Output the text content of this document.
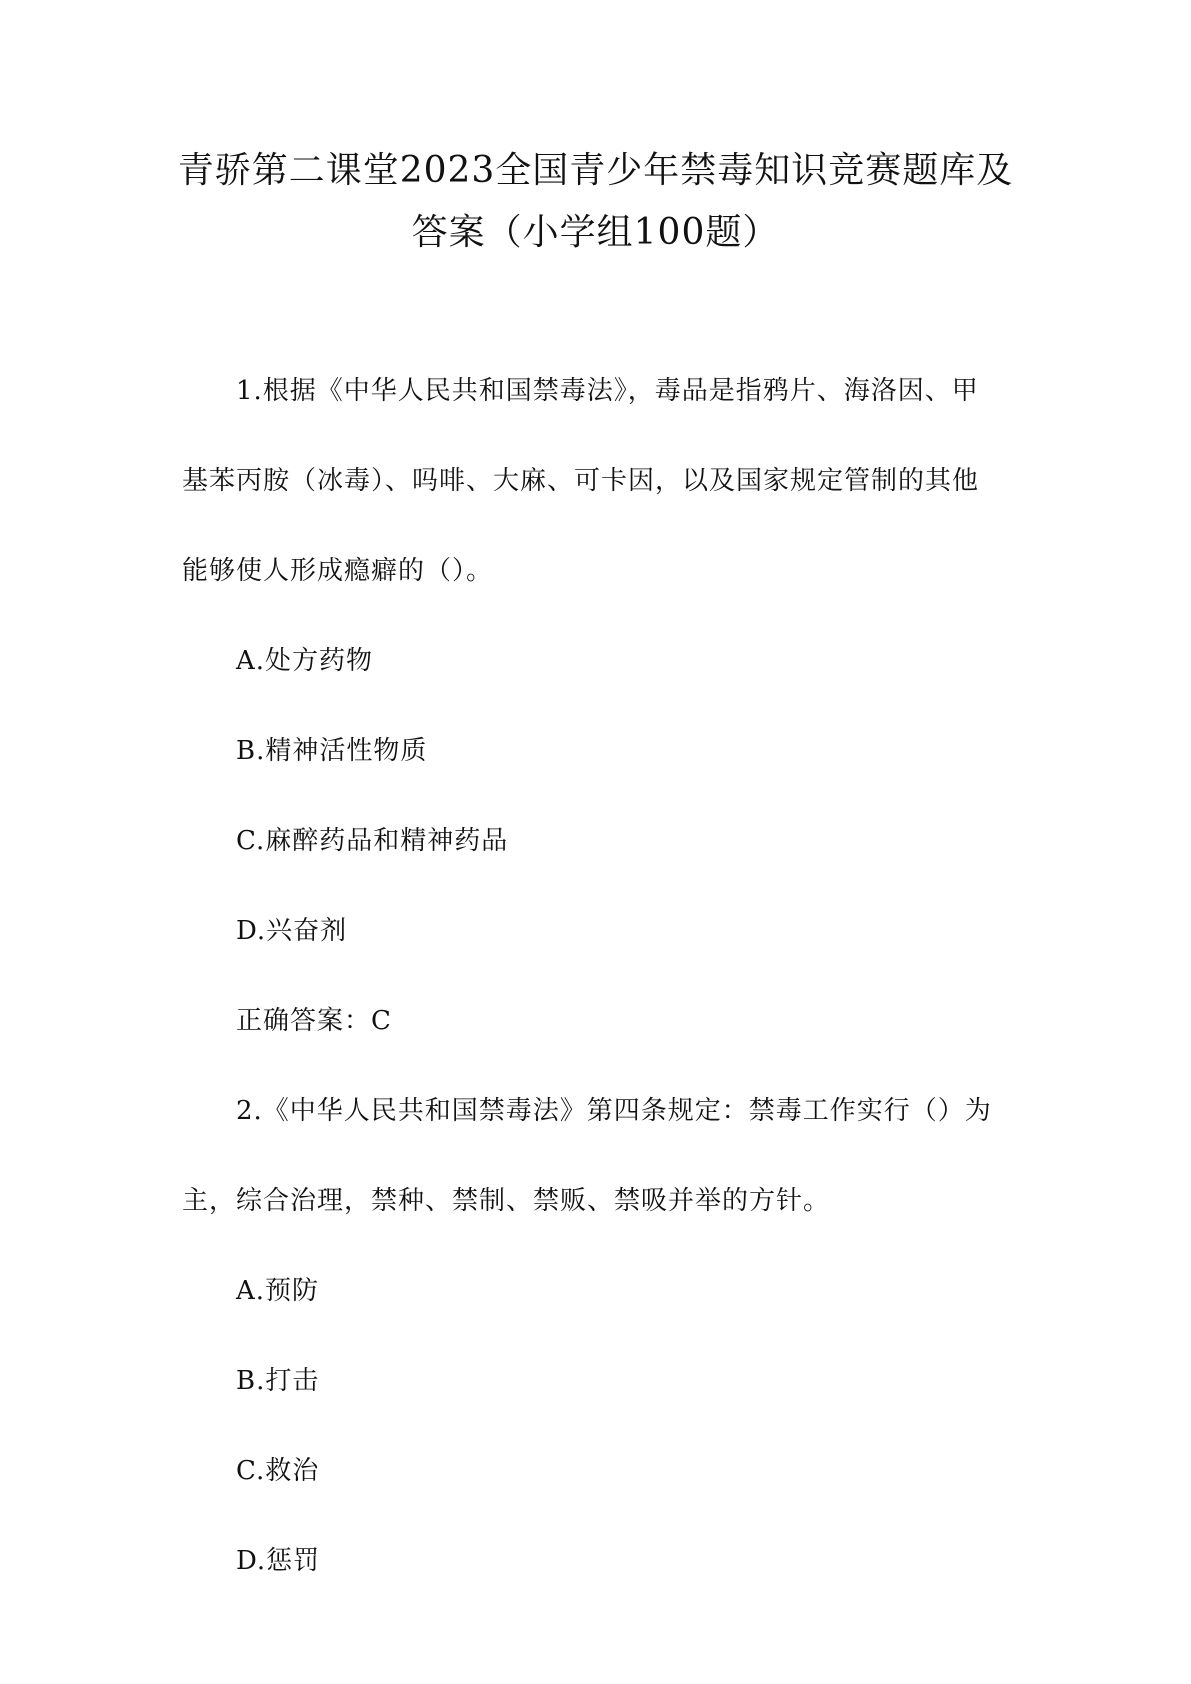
青骄第二课堂2023全国青少年禁毒知识竞赛题库及
答案（小学组100题）
1.根据《中华人民共和国禁毒法》，毒品是指鸦片、海洛因、甲
基苯丙胺（冰毒）、吗啡、大麻、可卡因，以及国家规定管制的其他
能够使人形成瘾癖的（）。
A.处方药物
B.精神活性物质
C.麻醉药品和精神药品
D.兴奋剂
正确答案：C
2.《中华人民共和国禁毒法》第四条规定：禁毒工作实行（）为
主，综合治理，禁种、禁制、禁贩、禁吸并举的方针。
A.预防
B.打击
C.救治
D.惩罚
